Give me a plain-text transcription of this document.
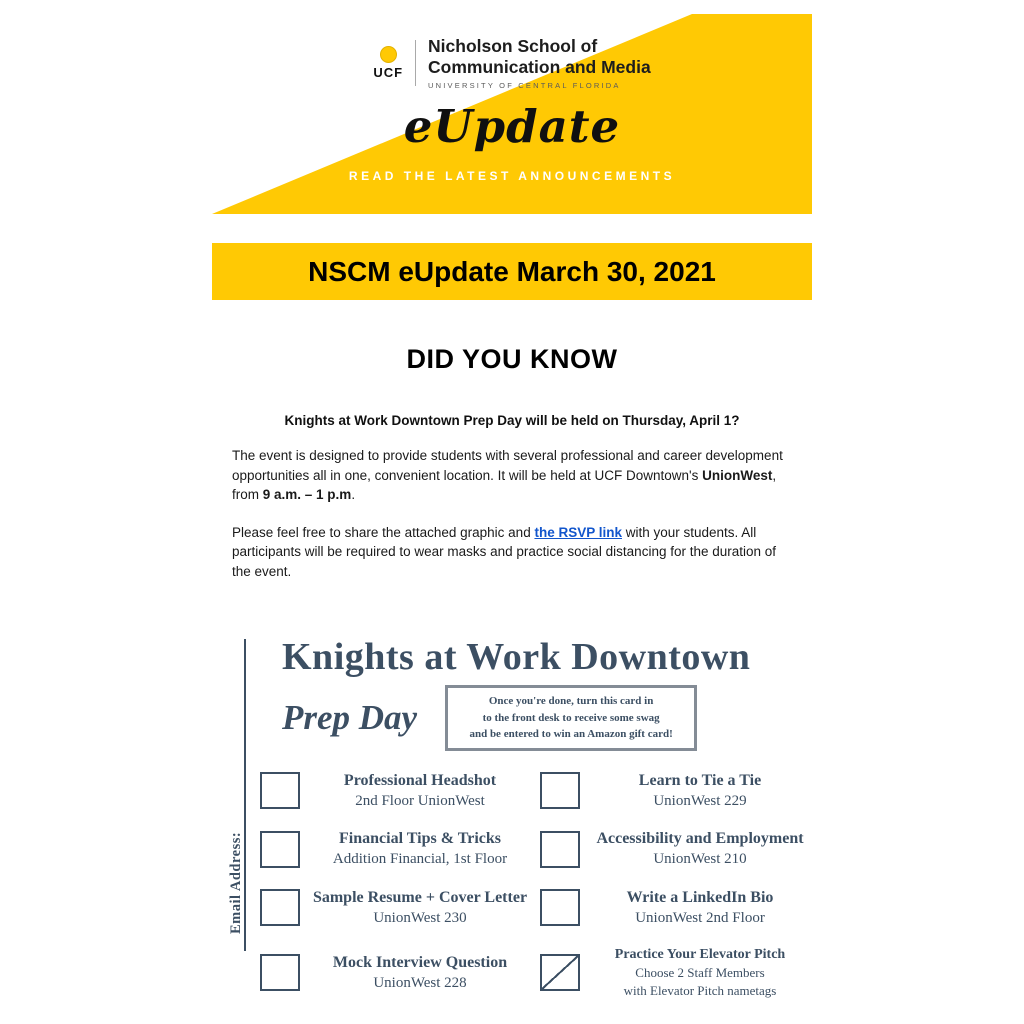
UCF
Nicholson School of
Communication and Media
UNIVERSITY OF CENTRAL FLORIDA
eUpdate
READ THE LATEST ANNOUNCEMENTS
NSCM eUpdate March 30, 2021
DID YOU KNOW

Knights at Work Downtown Prep Day will be held on Thursday, April 1?

The event is designed to provide students with several professional and career development opportunities all in one, convenient location. It will be held at UCF Downtown's UnionWest, from 9 a.m. – 1 p.m.

Please feel free to share the attached graphic and the RSVP link with your students. All participants will be required to wear masks and practice social distancing for the duration of the event.

Email Address:
Knights at Work Downtown
Prep Day	Once you're done, turn this card in
to the front desk to receive some swag
and be entered to win an Amazon gift card!
Professional Headshot
2nd Floor UnionWest
Learn to Tie a Tie
UnionWest 229
Financial Tips & Tricks
Addition Financial, 1st Floor
Accessibility and Employment
UnionWest 210
Sample Resume + Cover Letter
UnionWest 230
Write a LinkedIn Bio
UnionWest 2nd Floor
Mock Interview Question
UnionWest 228
Practice Your Elevator Pitch
Choose 2 Staff Members
with Elevator Pitch nametags
